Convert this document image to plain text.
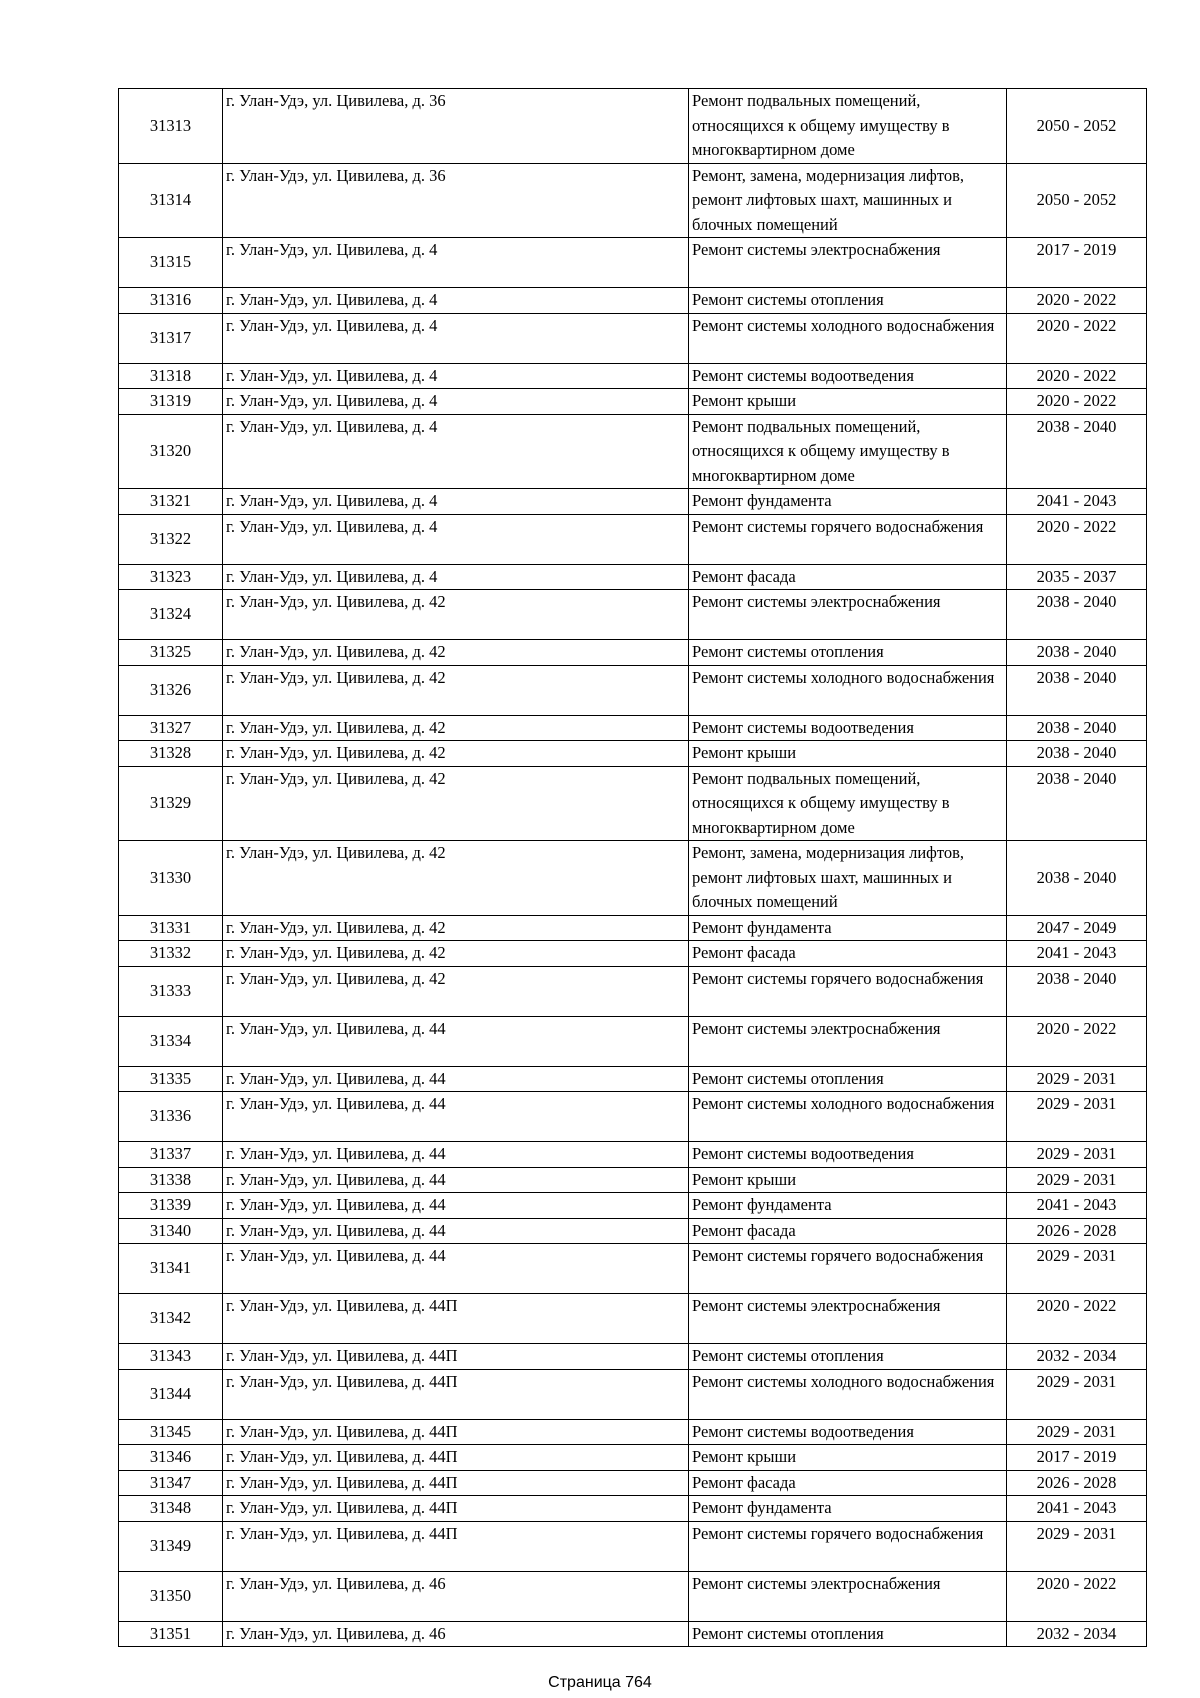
31313	г. Улан-Удэ, ул. Цивилева, д. 36	Ремонт подвальных помещений, относящихся к общему имуществу в многоквартирном доме	2050 - 2052
31314	г. Улан-Удэ, ул. Цивилева, д. 36	Ремонт, замена, модернизация лифтов, ремонт лифтовых шахт, машинных и блочных помещений	2050 - 2052
31315	г. Улан-Удэ, ул. Цивилева, д. 4	Ремонт системы электроснабжения	2017 - 2019
31316	г. Улан-Удэ, ул. Цивилева, д. 4	Ремонт системы отопления	2020 - 2022
31317	г. Улан-Удэ, ул. Цивилева, д. 4	Ремонт системы холодного водоснабжения	2020 - 2022
31318	г. Улан-Удэ, ул. Цивилева, д. 4	Ремонт системы водоотведения	2020 - 2022
31319	г. Улан-Удэ, ул. Цивилева, д. 4	Ремонт крыши	2020 - 2022
31320	г. Улан-Удэ, ул. Цивилева, д. 4	Ремонт подвальных помещений, относящихся к общему имуществу в многоквартирном доме	2038 - 2040
31321	г. Улан-Удэ, ул. Цивилева, д. 4	Ремонт фундамента	2041 - 2043
31322	г. Улан-Удэ, ул. Цивилева, д. 4	Ремонт системы горячего водоснабжения	2020 - 2022
31323	г. Улан-Удэ, ул. Цивилева, д. 4	Ремонт фасада	2035 - 2037
31324	г. Улан-Удэ, ул. Цивилева, д. 42	Ремонт системы электроснабжения	2038 - 2040
31325	г. Улан-Удэ, ул. Цивилева, д. 42	Ремонт системы отопления	2038 - 2040
31326	г. Улан-Удэ, ул. Цивилева, д. 42	Ремонт системы холодного водоснабжения	2038 - 2040
31327	г. Улан-Удэ, ул. Цивилева, д. 42	Ремонт системы водоотведения	2038 - 2040
31328	г. Улан-Удэ, ул. Цивилева, д. 42	Ремонт крыши	2038 - 2040
31329	г. Улан-Удэ, ул. Цивилева, д. 42	Ремонт подвальных помещений, относящихся к общему имуществу в многоквартирном доме	2038 - 2040
31330	г. Улан-Удэ, ул. Цивилева, д. 42	Ремонт, замена, модернизация лифтов, ремонт лифтовых шахт, машинных и блочных помещений	2038 - 2040
31331	г. Улан-Удэ, ул. Цивилева, д. 42	Ремонт фундамента	2047 - 2049
31332	г. Улан-Удэ, ул. Цивилева, д. 42	Ремонт фасада	2041 - 2043
31333	г. Улан-Удэ, ул. Цивилева, д. 42	Ремонт системы горячего водоснабжения	2038 - 2040
31334	г. Улан-Удэ, ул. Цивилева, д. 44	Ремонт системы электроснабжения	2020 - 2022
31335	г. Улан-Удэ, ул. Цивилева, д. 44	Ремонт системы отопления	2029 - 2031
31336	г. Улан-Удэ, ул. Цивилева, д. 44	Ремонт системы холодного водоснабжения	2029 - 2031
31337	г. Улан-Удэ, ул. Цивилева, д. 44	Ремонт системы водоотведения	2029 - 2031
31338	г. Улан-Удэ, ул. Цивилева, д. 44	Ремонт крыши	2029 - 2031
31339	г. Улан-Удэ, ул. Цивилева, д. 44	Ремонт фундамента	2041 - 2043
31340	г. Улан-Удэ, ул. Цивилева, д. 44	Ремонт фасада	2026 - 2028
31341	г. Улан-Удэ, ул. Цивилева, д. 44	Ремонт системы горячего водоснабжения	2029 - 2031
31342	г. Улан-Удэ, ул. Цивилева, д. 44П	Ремонт системы электроснабжения	2020 - 2022
31343	г. Улан-Удэ, ул. Цивилева, д. 44П	Ремонт системы отопления	2032 - 2034
31344	г. Улан-Удэ, ул. Цивилева, д. 44П	Ремонт системы холодного водоснабжения	2029 - 2031
31345	г. Улан-Удэ, ул. Цивилева, д. 44П	Ремонт системы водоотведения	2029 - 2031
31346	г. Улан-Удэ, ул. Цивилева, д. 44П	Ремонт крыши	2017 - 2019
31347	г. Улан-Удэ, ул. Цивилева, д. 44П	Ремонт фасада	2026 - 2028
31348	г. Улан-Удэ, ул. Цивилева, д. 44П	Ремонт фундамента	2041 - 2043
31349	г. Улан-Удэ, ул. Цивилева, д. 44П	Ремонт системы горячего водоснабжения	2029 - 2031
31350	г. Улан-Удэ, ул. Цивилева, д. 46	Ремонт системы электроснабжения	2020 - 2022
31351	г. Улан-Удэ, ул. Цивилева, д. 46	Ремонт системы отопления	2032 - 2034
Страница 764
